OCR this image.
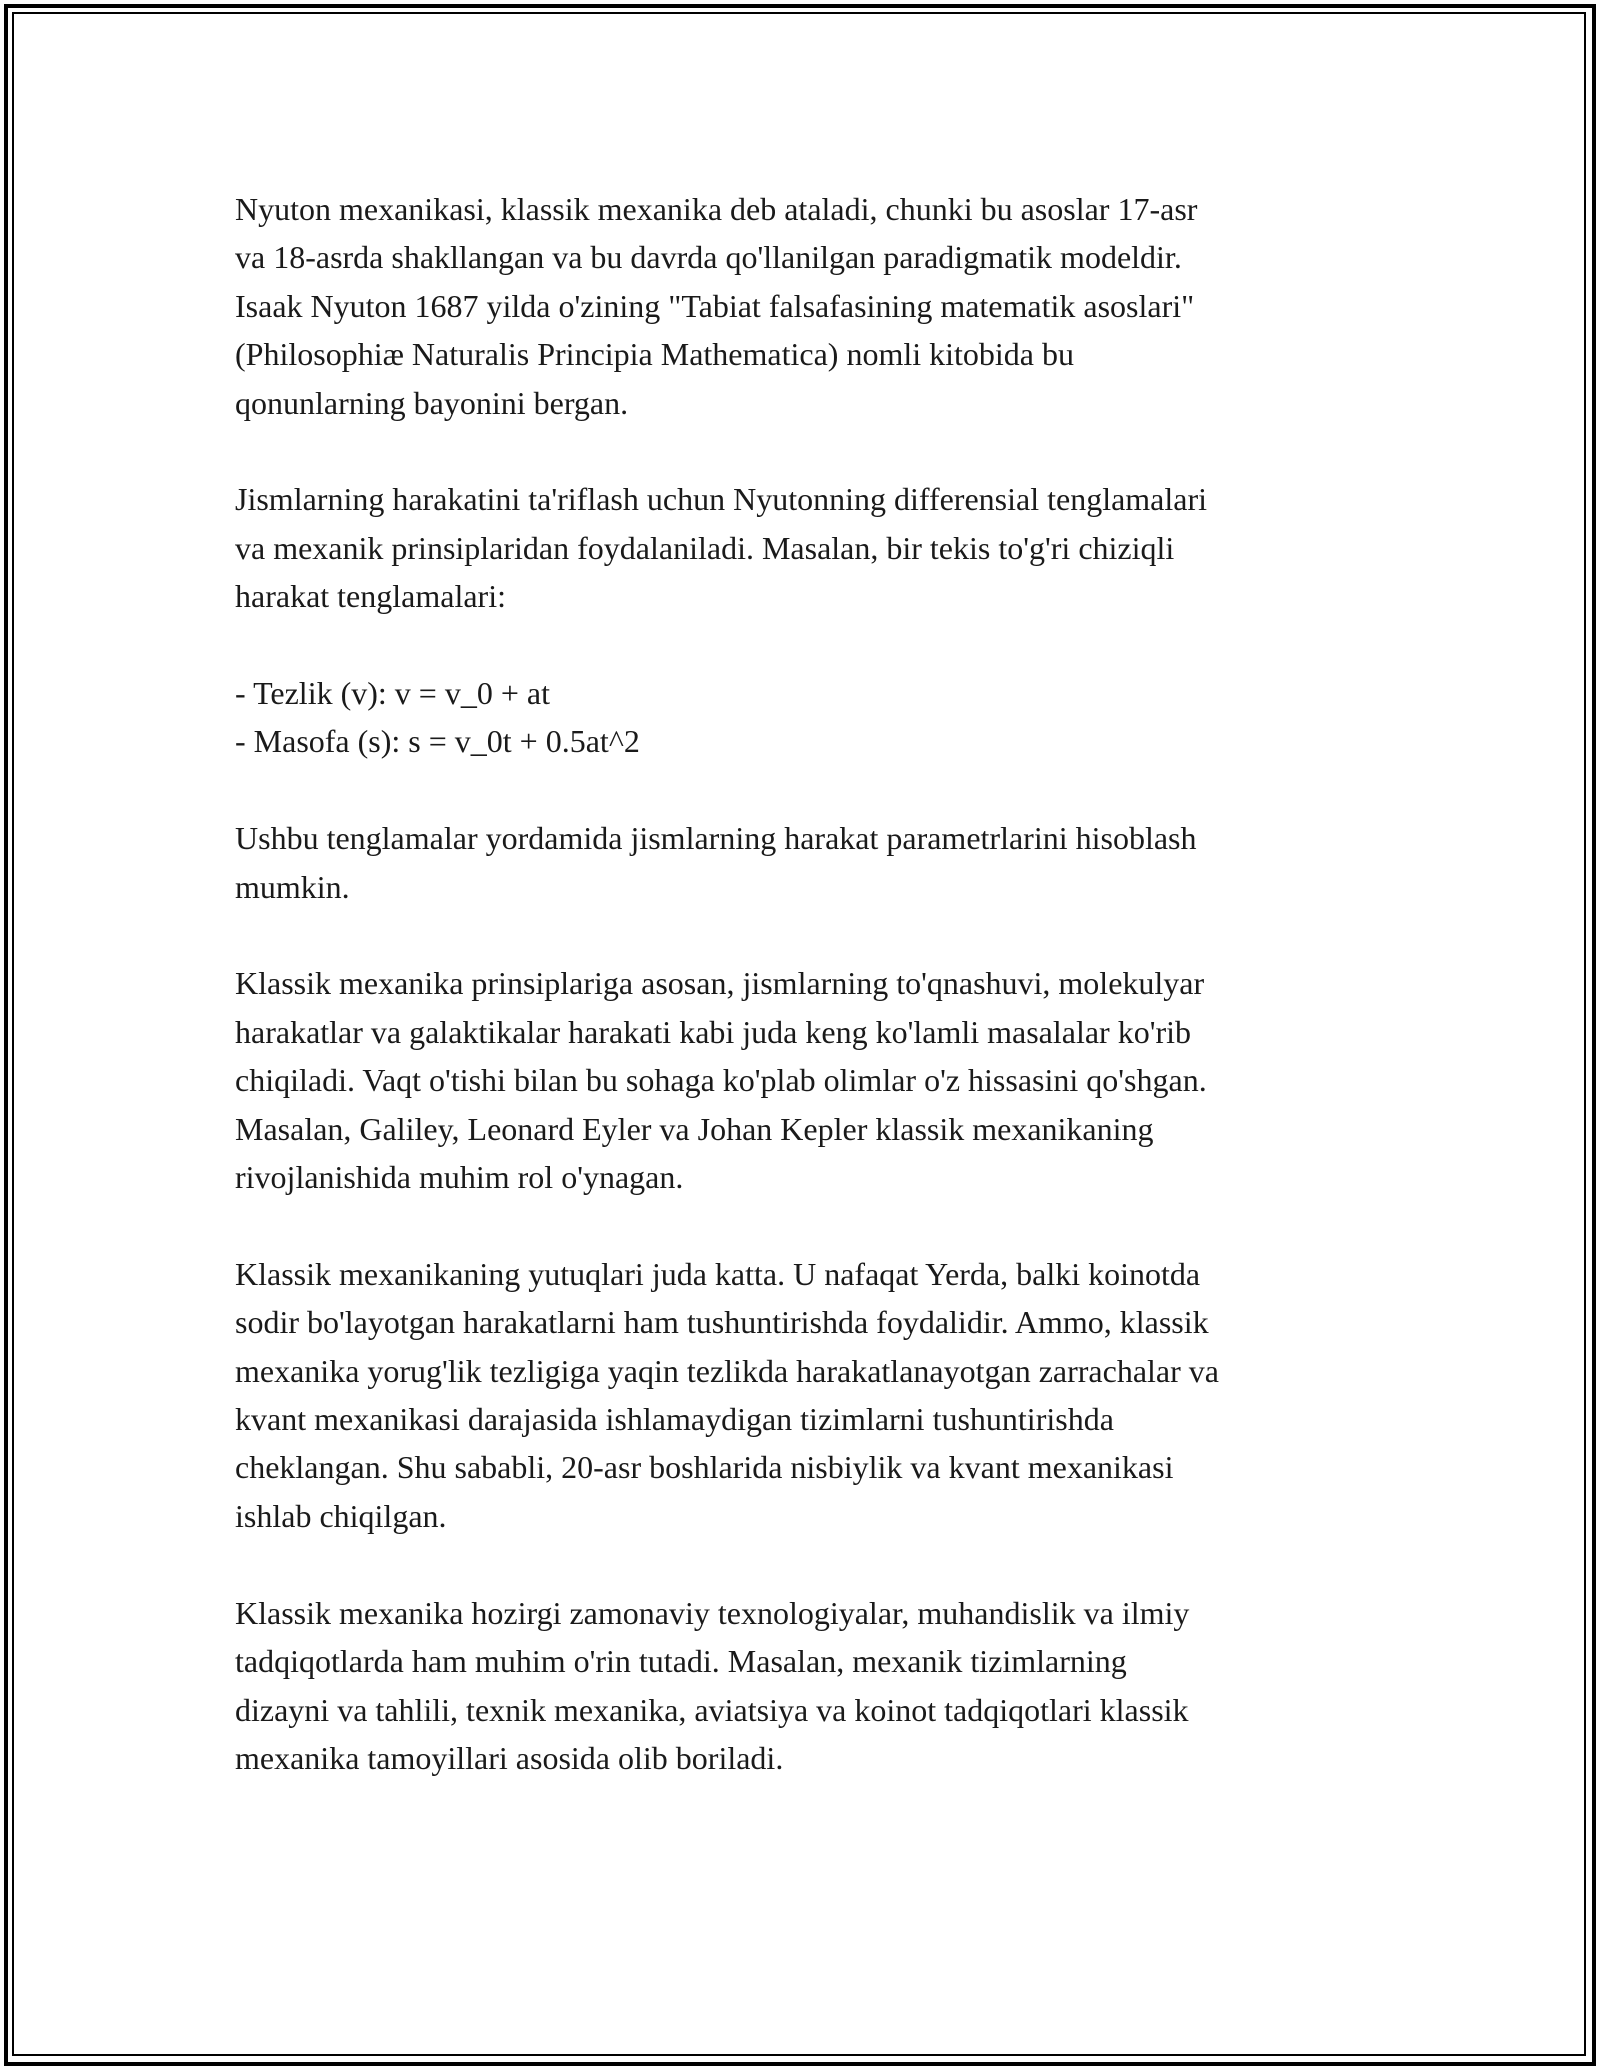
Nyuton mexanikasi, klassik mexanika deb ataladi, chunki bu asoslar 17-asr
va 18-asrda shakllangan va bu davrda qo'llanilgan paradigmatik modeldir.
Isaak Nyuton 1687 yilda o'zining "Tabiat falsafasining matematik asoslari"
(Philosophiæ Naturalis Principia Mathematica) nomli kitobida bu
qonunlarning bayonini bergan.

Jismlarning harakatini ta'riflash uchun Nyutonning differensial tenglamalari
va mexanik prinsiplaridan foydalaniladi. Masalan, bir tekis to'g'ri chiziqli
harakat tenglamalari:

- Tezlik (v): v = v_0 + at
- Masofa (s): s = v_0t + 0.5at^2

Ushbu tenglamalar yordamida jismlarning harakat parametrlarini hisoblash
mumkin.

Klassik mexanika prinsiplariga asosan, jismlarning to'qnashuvi, molekulyar
harakatlar va galaktikalar harakati kabi juda keng ko'lamli masalalar ko'rib
chiqiladi. Vaqt o'tishi bilan bu sohaga ko'plab olimlar o'z hissasini qo'shgan.
Masalan, Galiley, Leonard Eyler va Johan Kepler klassik mexanikaning
rivojlanishida muhim rol o'ynagan.

Klassik mexanikaning yutuqlari juda katta. U nafaqat Yerda, balki koinotda
sodir bo'layotgan harakatlarni ham tushuntirishda foydalidir. Ammo, klassik
mexanika yorug'lik tezligiga yaqin tezlikda harakatlanayotgan zarrachalar va
kvant mexanikasi darajasida ishlamaydigan tizimlarni tushuntirishda
cheklangan. Shu sababli, 20-asr boshlarida nisbiylik va kvant mexanikasi
ishlab chiqilgan.

Klassik mexanika hozirgi zamonaviy texnologiyalar, muhandislik va ilmiy
tadqiqotlarda ham muhim o'rin tutadi. Masalan, mexanik tizimlarning
dizayni va tahlili, texnik mexanika, aviatsiya va koinot tadqiqotlari klassik
mexanika tamoyillari asosida olib boriladi.
